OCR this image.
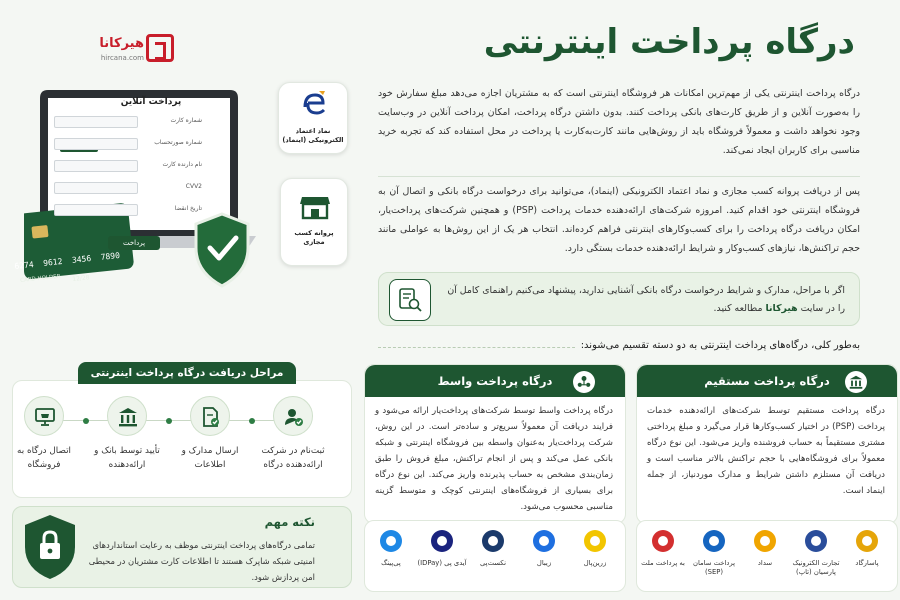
هیرکانا
hircana.com	درگاه پرداخت اینترنتی

درگاه پرداخت اینترنتی یکی از مهم‌ترین امکانات هر فروشگاه اینترنتی است که به مشتریان اجازه می‌دهد مبلغ سفارش خود را به‌صورت آنلاین و از طریق کارت‌های بانکی پرداخت کنند. بدون داشتن درگاه پرداخت، امکان پرداخت آنلاین در وب‌سایت وجود نخواهد داشت و معمولاً فروشگاه باید از روش‌هایی مانند کارت‌به‌کارت یا پرداخت در محل استفاده کند که تجربه خرید مناسبی برای کاربران ایجاد نمی‌کند.

پس از دریافت پروانه کسب مجازی و نماد اعتماد الکترونیکی (اینماد)، می‌توانید برای درخواست درگاه بانکی و اتصال آن به فروشگاه اینترنتی خود اقدام کنید. امروزه شرکت‌های ارائه‌دهنده خدمات پرداخت (PSP) و همچنین شرکت‌های پرداخت‌یار، امکان دریافت درگاه پرداخت را برای کسب‌وکارهای اینترنتی فراهم کرده‌اند. انتخاب هر یک از این روش‌ها به عواملی مانند حجم تراکنش‌ها، نیازهای کسب‌وکار و شرایط ارائه‌دهنده خدمات بستگی دارد.

اگر با مراحل، مدارک و شرایط درخواست درگاه بانکی آشنایی ندارید، پیشنهاد می‌کنیم راهنمای کامل آن را در سایت هیرکانا مطالعه کنید.
پرداخت آنلاین
شماره کارت
شماره صورتحساب
نام دارنده کارت
CVV2
تاریخ انقضا
پرداخت
6274  9612  3456  7890
CARD HOLDER 12/28
نماد اعتماد الکترونیکی (اینماد)
پروانه کسب مجازی
مراحل دریافت درگاه پرداخت اینترنتی
ثبت‌نام در شرکت ارائه‌دهنده درگاه
ارسال مدارک و اطلاعات
تأیید توسط بانک و ارائه‌دهنده
اتصال درگاه به فروشگاه
نکته مهم
تمامی درگاه‌های پرداخت اینترنتی موظف به رعایت استانداردهای امنیتی شبکه شاپرک هستند تا اطلاعات کارت مشتریان در محیطی امن پردازش شود.
به‌طور کلی، درگاه‌های پرداخت اینترنتی به دو دسته تقسیم می‌شوند:
درگاه پرداخت مستقیم
درگاه پرداخت مستقیم توسط شرکت‌های ارائه‌دهنده خدمات پرداخت (PSP) در اختیار کسب‌وکارها قرار می‌گیرد و مبلغ پرداختی مشتری مستقیماً به حساب فروشنده واریز می‌شود. این نوع درگاه معمولاً برای فروشگاه‌هایی با حجم تراکنش بالاتر مناسب است و دریافت آن مستلزم داشتن شرایط و مدارک موردنیاز، از جمله اینماد است.
درگاه پرداخت واسط
درگاه پرداخت واسط توسط شرکت‌های پرداخت‌یار ارائه می‌شود و فرایند دریافت آن معمولاً سریع‌تر و ساده‌تر است. در این روش، شرکت پرداخت‌یار به‌عنوان واسطه بین فروشگاه اینترنتی و شبکه بانکی عمل می‌کند و پس از انجام تراکنش، مبلغ فروش را طبق زمان‌بندی مشخص به حساب پذیرنده واریز می‌کند. این نوع درگاه برای بسیاری از فروشگاه‌های اینترنتی کوچک و متوسط گزینه مناسبی محسوب می‌شود.
پاسارگاد
تجارت الکترونیک پارسیان (تاپ)
سداد
پرداخت سامان (SEP)
به پرداخت ملت
زرین‌پال
زیبال
نکست‌پی
آیدی پی (IDPay)
پی‌پینگ
